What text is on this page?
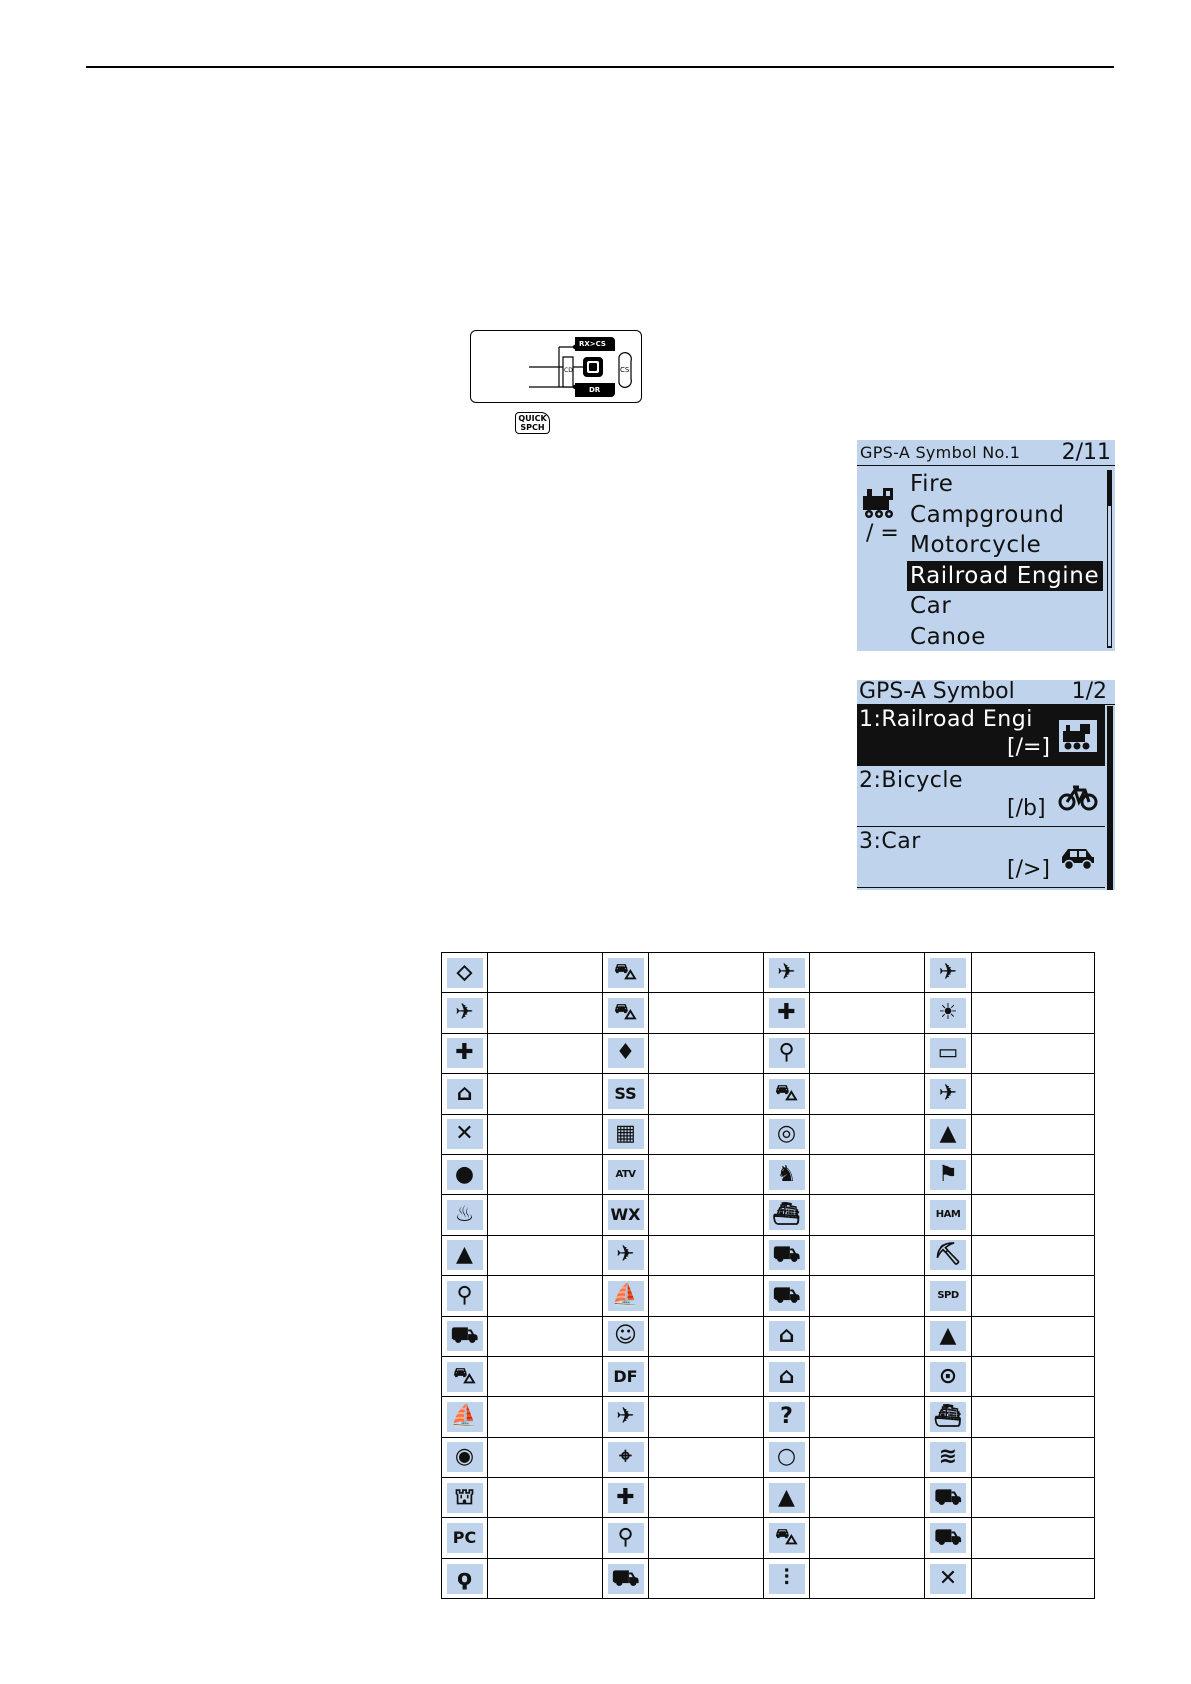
RX>CS
DR
CS
CD
QUICK SPCH
GPS-A Symbol No.1 2/11
/ =
Fire
Campground
Motorcycle
Railroad Engine
Car
Canoe
GPS-A Symbol	1/2
1:Railroad Engi
[/=]
2:Bicycle
[/b]
3:Car
[/>]
⬦		⛍		✈		✈	

✈		⛍		✚		☀	

✚		♦		⚲		▭	

⌂		SS		⛍		✈	

✕		▦		◎		▲	

●		ATV		♞		⚑	

♨		WX		⛴		HAM	

▲		✈		⛟		⛏	

⚲		⛵		⛟		SPD	

⛟		☺		⌂		▲	

⛍		DF		⌂		⊙	

⛵		✈		?		⛴	

◉		⌖		○		≋	

⛫		✚		▲		⛟	

PC		⚲		⛍		⛟	

ϙ		⛟		⫶		✕	
